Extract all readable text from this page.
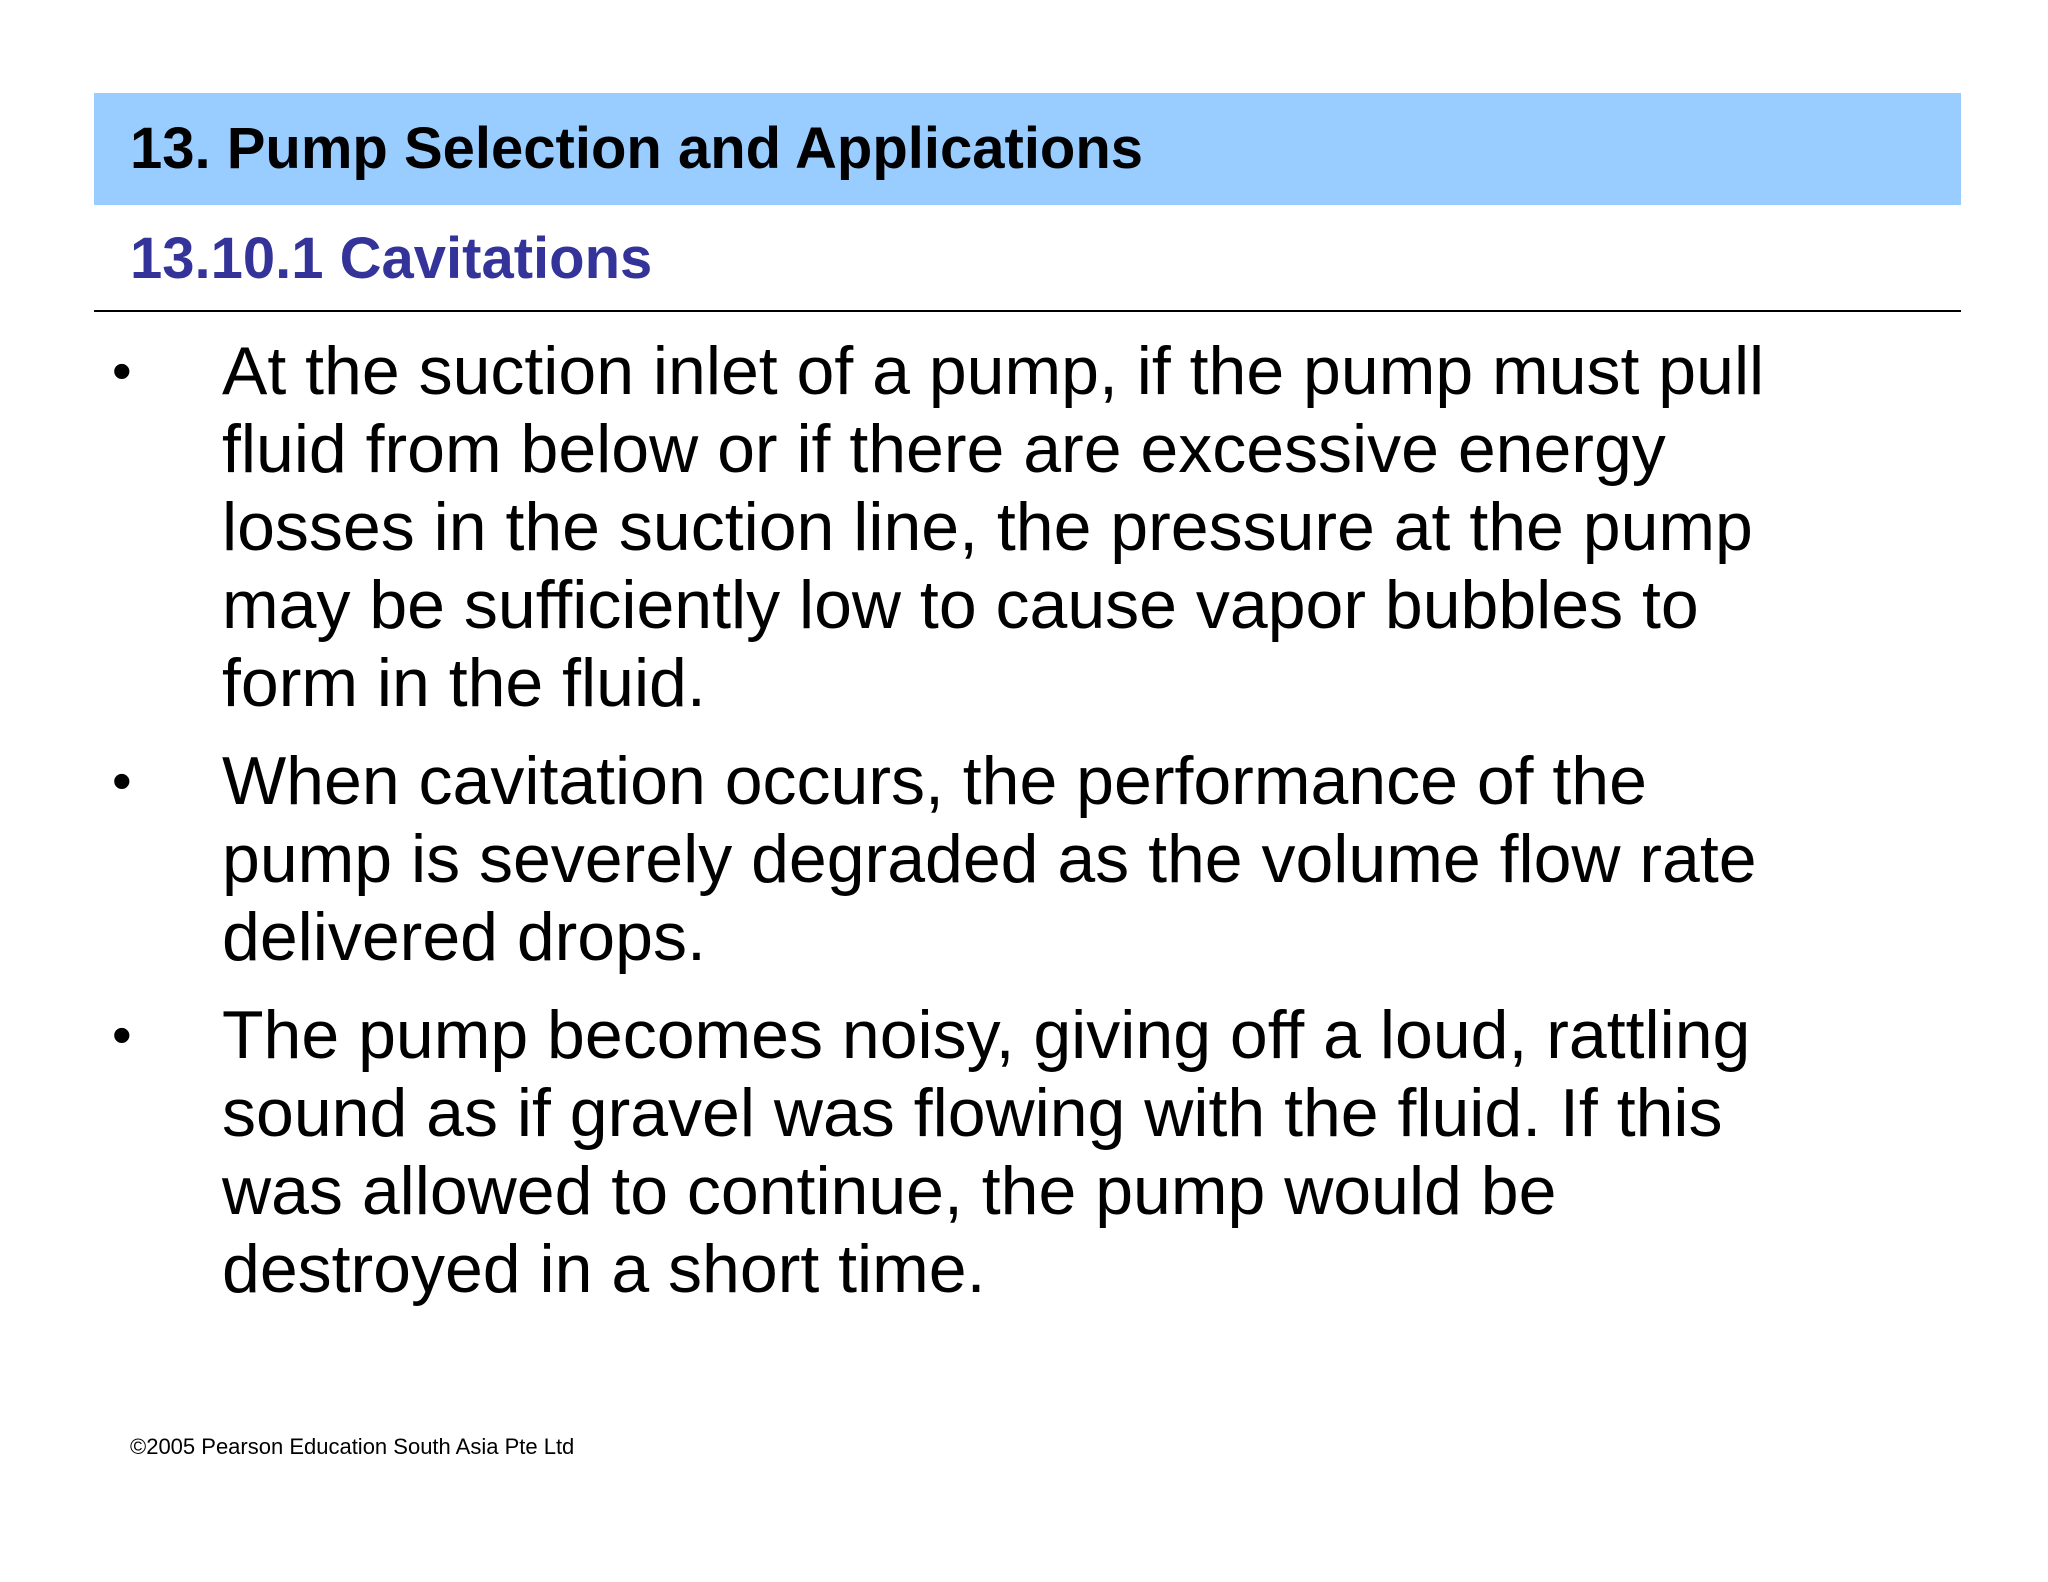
13. Pump Selection and Applications
13.10.1 Cavitations
• At the suction inlet of a pump, if the pump must pull
fluid from below or if there are excessive energy
losses in the suction line, the pressure at the pump
may be sufficiently low to cause vapor bubbles to
form in the fluid.
• When cavitation occurs, the performance of the
pump is severely degraded as the volume flow rate
delivered drops.
• The pump becomes noisy, giving off a loud, rattling
sound as if gravel was flowing with the fluid. If this
was allowed to continue, the pump would be
destroyed in a short time.
©2005 Pearson Education South Asia Pte Ltd
